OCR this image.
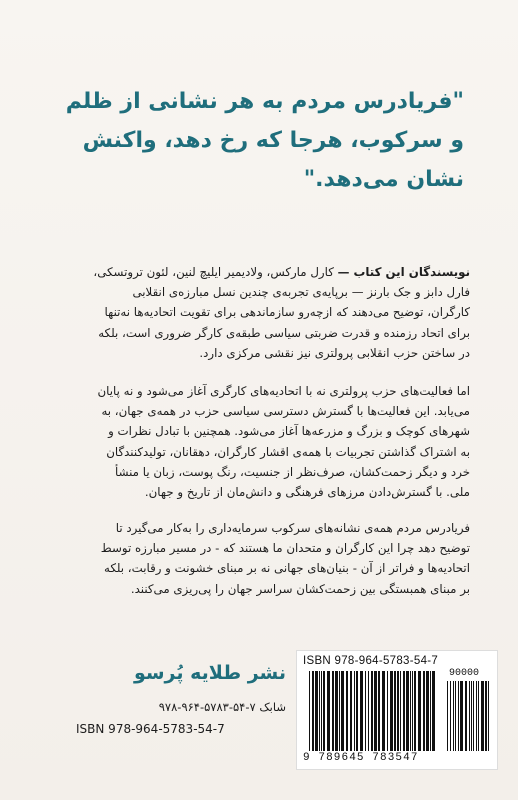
"فریادرس مردم به هر نشانی از ظلم
و سرکوب، هرجا که رخ دهد، واکنش
نشان می‌دهد."
نویسندگان این کتاب — کارل مارکس، ولادیمیر ایلیچ لنین، لئون تروتسکی،
فارل دابز و جک بارنز — برپایه‌ی تجربه‌ی چندین نسل مبارزه‌ی انقلابی
کارگران، توضیح می‌دهند که ازچه‌رو سازماندهی برای تقویت اتحادیه‌ها نه‌تنها
برای اتحاد رزمنده و قدرت ضربتی سیاسی طبقه‌ی کارگر ضروری است، بلکه
در ساختن حزب انقلابی پرولتری نیز نقشی مرکزی دارد.
اما فعالیت‌های حزب پرولتری نه با اتحادیه‌های کارگری آغاز می‌شود و نه پایان
می‌یابد. این فعالیت‌ها با گسترش دسترسی سیاسی حزب در همه‌ی جهان، به
شهرهای کوچک و بزرگ و مزرعه‌ها آغاز می‌شود. همچنین با تبادل نظرات و
به اشتراک گذاشتن تجربیات با همه‌ی اقشار کارگران، دهقانان، تولیدکنندگان
خرد و دیگر زحمت‌کشان، صرف‌نظر از جنسیت، رنگ پوست، زبان یا منشأ
ملی. با گسترش‌دادن مرزهای فرهنگی و دانش‌مان از تاریخ و جهان.
فریادرس مردم همه‌ی نشانه‌های سرکوب سرمایه‌داری را به‌کار می‌گیرد تا
توضیح دهد چرا این کارگران و متحدان ما هستند که - در مسیر مبارزه توسط
اتحادیه‌ها و فراتر از آن - بنیان‌های جهانی نه بر مبنای خشونت و رقابت، بلکه
بر مبنای همبستگی بین زحمت‌کشان سراسر جهان را پی‌ریزی می‌کنند.
نشر طلایه پُرسو
شابک ۷-۵۴-۵۷۸۳-۹۶۴-۹۷۸
ISBN 978-964-5783-54-7
ISBN 978-964-5783-54-7
90000
9 789645 783547
